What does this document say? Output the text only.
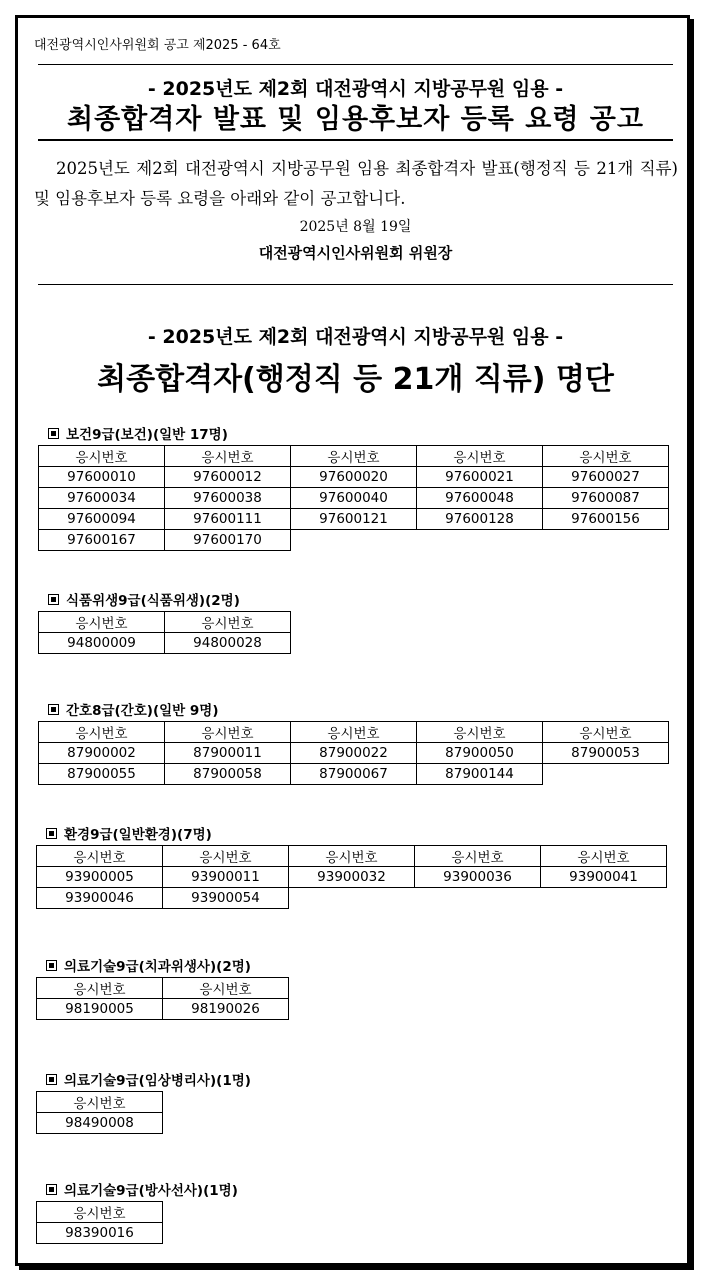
대전광역시인사위원회 공고 제2025 - 64호
- 2025년도 제2회 대전광역시 지방공무원 임용 -
최종합격자 발표 및 임용후보자 등록 요령 공고
2025년도 제2회 대전광역시 지방공무원 임용 최종합격자 발표(행정직 등 21개 직류) 및 임용후보자 등록 요령을 아래와 같이 공고합니다.
2025년 8월 19일
대전광역시인사위원회 위원장
- 2025년도 제2회 대전광역시 지방공무원 임용 -
최종합격자(행정직 등 21개 직류) 명단
보건9급(보건)(일반 17명)
응시번호	응시번호	응시번호	응시번호	응시번호
97600010	97600012	97600020	97600021	97600027
97600034	97600038	97600040	97600048	97600087
97600094	97600111	97600121	97600128	97600156
97600167	97600170			
식품위생9급(식품위생)(2명)
응시번호	응시번호
94800009	94800028
간호8급(간호)(일반 9명)
응시번호	응시번호	응시번호	응시번호	응시번호
87900002	87900011	87900022	87900050	87900053
87900055	87900058	87900067	87900144	
환경9급(일반환경)(7명)
응시번호	응시번호	응시번호	응시번호	응시번호
93900005	93900011	93900032	93900036	93900041
93900046	93900054			
의료기술9급(치과위생사)(2명)
응시번호	응시번호
98190005	98190026
의료기술9급(임상병리사)(1명)
응시번호
98490008
의료기술9급(방사선사)(1명)
응시번호
98390016
